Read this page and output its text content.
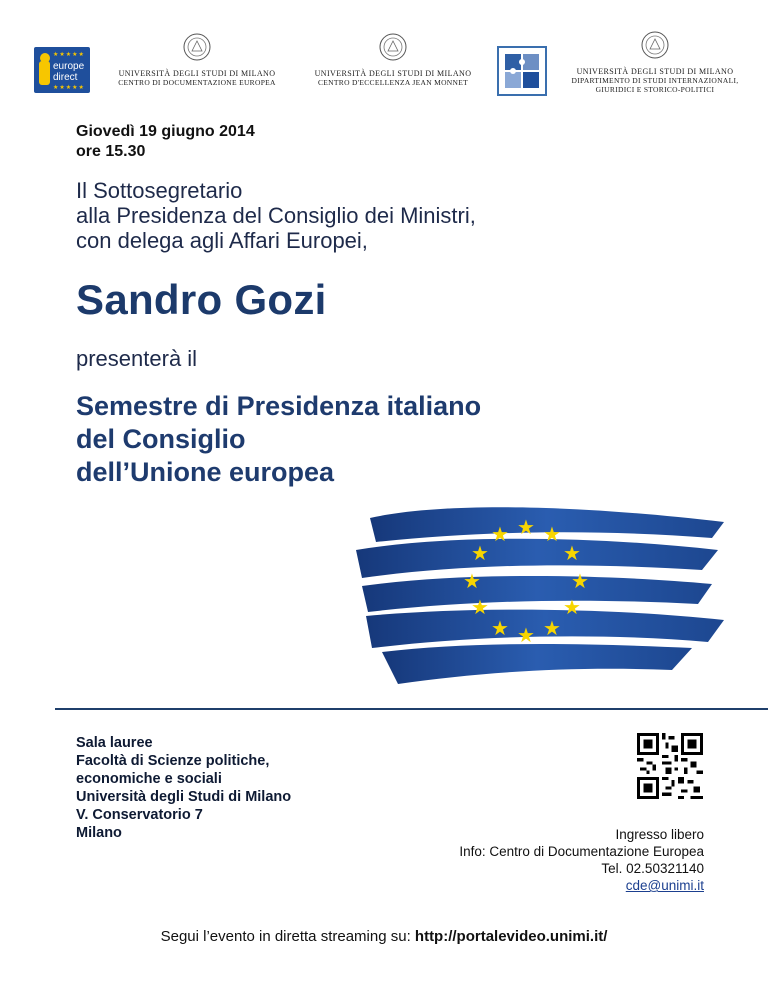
★★★★★
europe
direct
★★★★★
UNIVERSITÀ DEGLI STUDI DI MILANO
CENTRO DI DOCUMENTAZIONE EUROPEA
UNIVERSITÀ DEGLI STUDI DI MILANO
CENTRO D'ECCELLENZA JEAN MONNET
UNIVERSITÀ DEGLI STUDI DI MILANO
DIPARTIMENTO DI STUDI INTERNAZIONALI,
GIURIDICI E STORICO-POLITICI
Giovedì 19 giugno 2014
ore 15.30
Il Sottosegretario
alla Presidenza del Consiglio dei Ministri,
con delega agli Affari Europei,
Sandro Gozi
presenterà il
Semestre di Presidenza italiano
del Consiglio
dell’Unione europea
★ ★
★
★
★
★
★
★
★
★
★
★
Sala lauree
Facoltà di Scienze politiche,
economiche e sociali
Università degli Studi di Milano
V. Conservatorio 7
Milano	Ingresso libero
Info: Centro di Documentazione Europea
Tel. 02.50321140
cde@unimi.it
Segui l’evento in diretta streaming su: http://portalevideo.unimi.it/
